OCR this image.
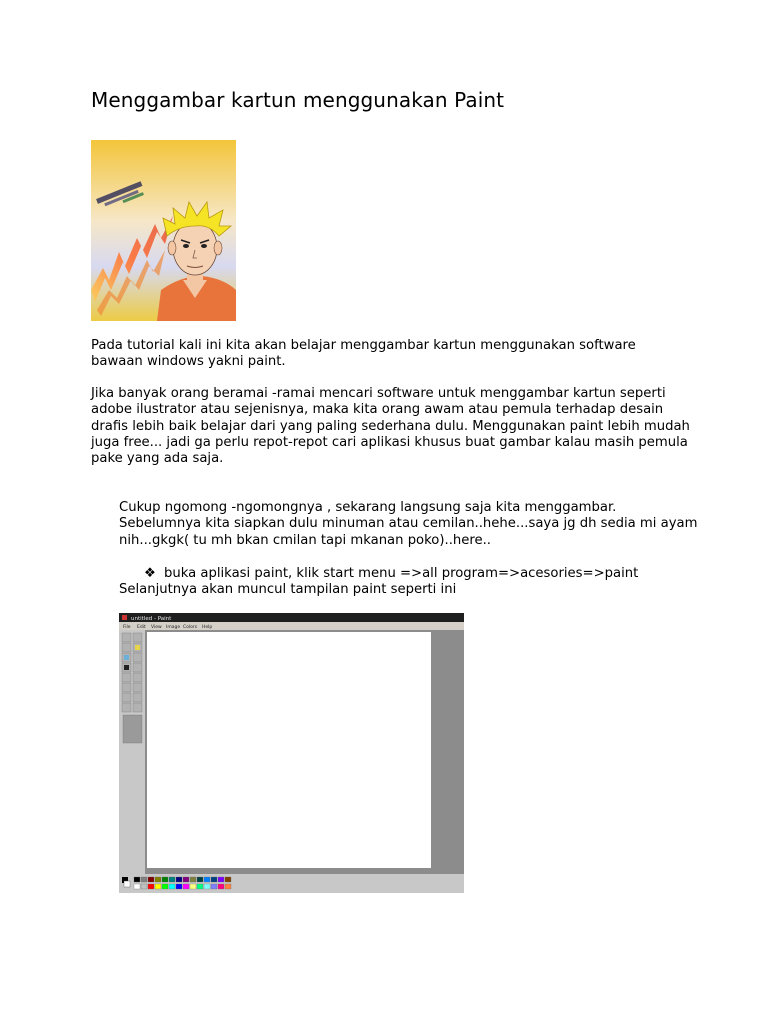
Menggambar kartun menggunakan Paint

Pada tutorial kali ini kita akan belajar menggambar kartun menggunakan software bawaan windows yakni paint.

Jika banyak orang beramai -ramai mencari software untuk menggambar kartun seperti adobe ilustrator atau sejenisnya, maka kita orang awam atau pemula terhadap desain drafis lebih baik belajar dari yang paling sederhana dulu. Menggunakan paint lebih mudah juga free... jadi ga perlu repot-repot cari aplikasi khusus buat gambar kalau masih pemula pake yang ada saja.

Cukup ngomong -ngomongnya , sekarang langsung saja kita menggambar. Sebelumnya kita siapkan dulu minuman atau cemilan..hehe...saya jg dh sedia mi ayam nih...gkgk( tu mh bkan cmilan tapi mkanan poko)..here..

❖ buka aplikasi paint, klik start menu =>all program=>acesories=>paint

Selanjutnya akan muncul tampilan paint seperti ini

untitled - Paint
File Edit View Image Colors Help
